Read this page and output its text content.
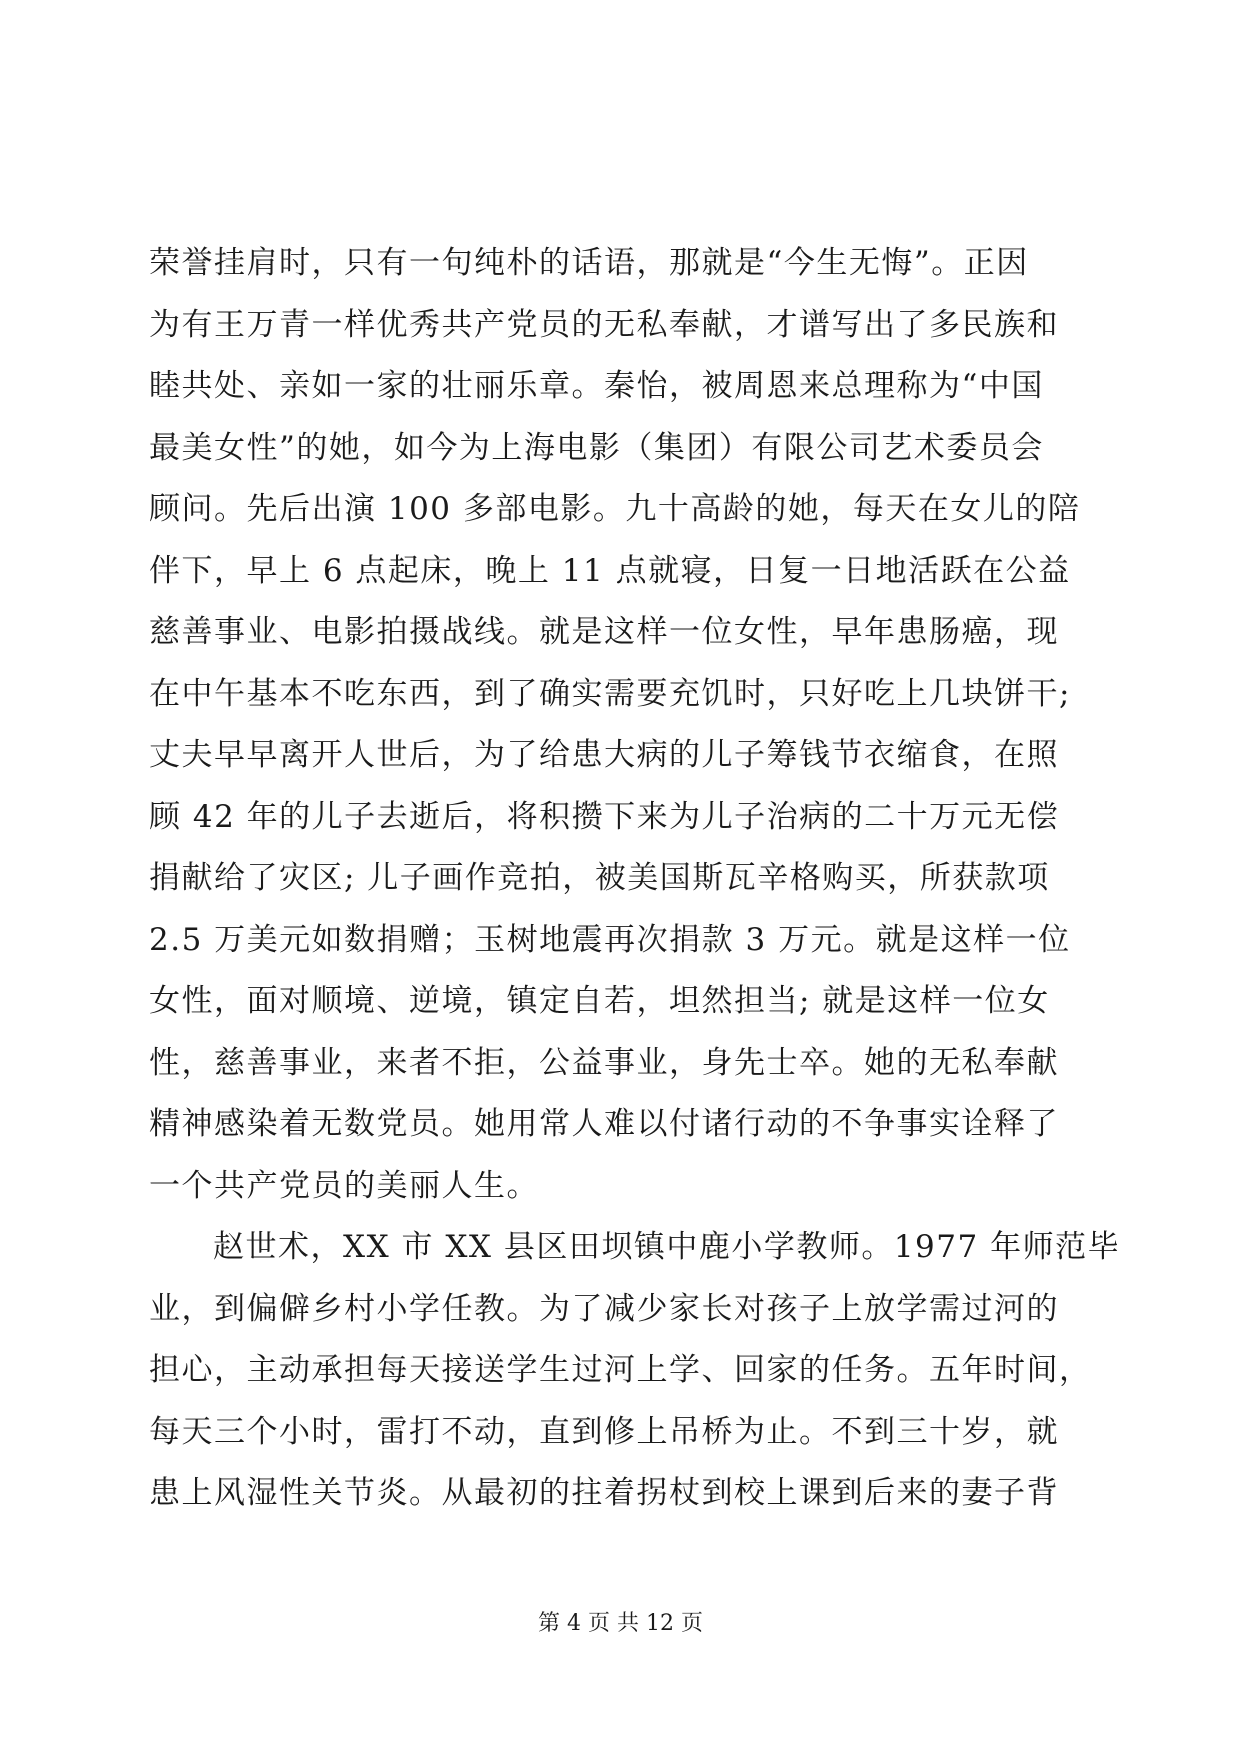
荣誉挂肩时，只有一句纯朴的话语，那就是“今生无悔”。正因
为有王万青一样优秀共产党员的无私奉献，才谱写出了多民族和
睦共处、亲如一家的壮丽乐章。秦怡，被周恩来总理称为“中国
最美女性”的她，如今为上海电影（集团）有限公司艺术委员会
顾问。先后出演 100 多部电影。九十高龄的她，每天在女儿的陪
伴下，早上 6 点起床，晚上 11 点就寝，日复一日地活跃在公益
慈善事业、电影拍摄战线。就是这样一位女性，早年患肠癌，现
在中午基本不吃东西，到了确实需要充饥时，只好吃上几块饼干;
丈夫早早离开人世后，为了给患大病的儿子筹钱节衣缩食，在照
顾 42 年的儿子去逝后，将积攒下来为儿子治病的二十万元无偿
捐献给了灾区; 儿子画作竞拍，被美国斯瓦辛格购买，所获款项
2.5 万美元如数捐赠；玉树地震再次捐款 3 万元。就是这样一位
女性，面对顺境、逆境，镇定自若，坦然担当; 就是这样一位女
性，慈善事业，来者不拒，公益事业，身先士卒。她的无私奉献
精神感染着无数党员。她用常人难以付诸行动的不争事实诠释了
一个共产党员的美丽人生。
赵世术，XX 市 XX 县区田坝镇中鹿小学教师。1977 年师范毕
业，到偏僻乡村小学任教。为了减少家长对孩子上放学需过河的
担心，主动承担每天接送学生过河上学、回家的任务。五年时间，
每天三个小时，雷打不动，直到修上吊桥为止。不到三十岁，就
患上风湿性关节炎。从最初的拄着拐杖到校上课到后来的妻子背
第 4 页 共 12 页
